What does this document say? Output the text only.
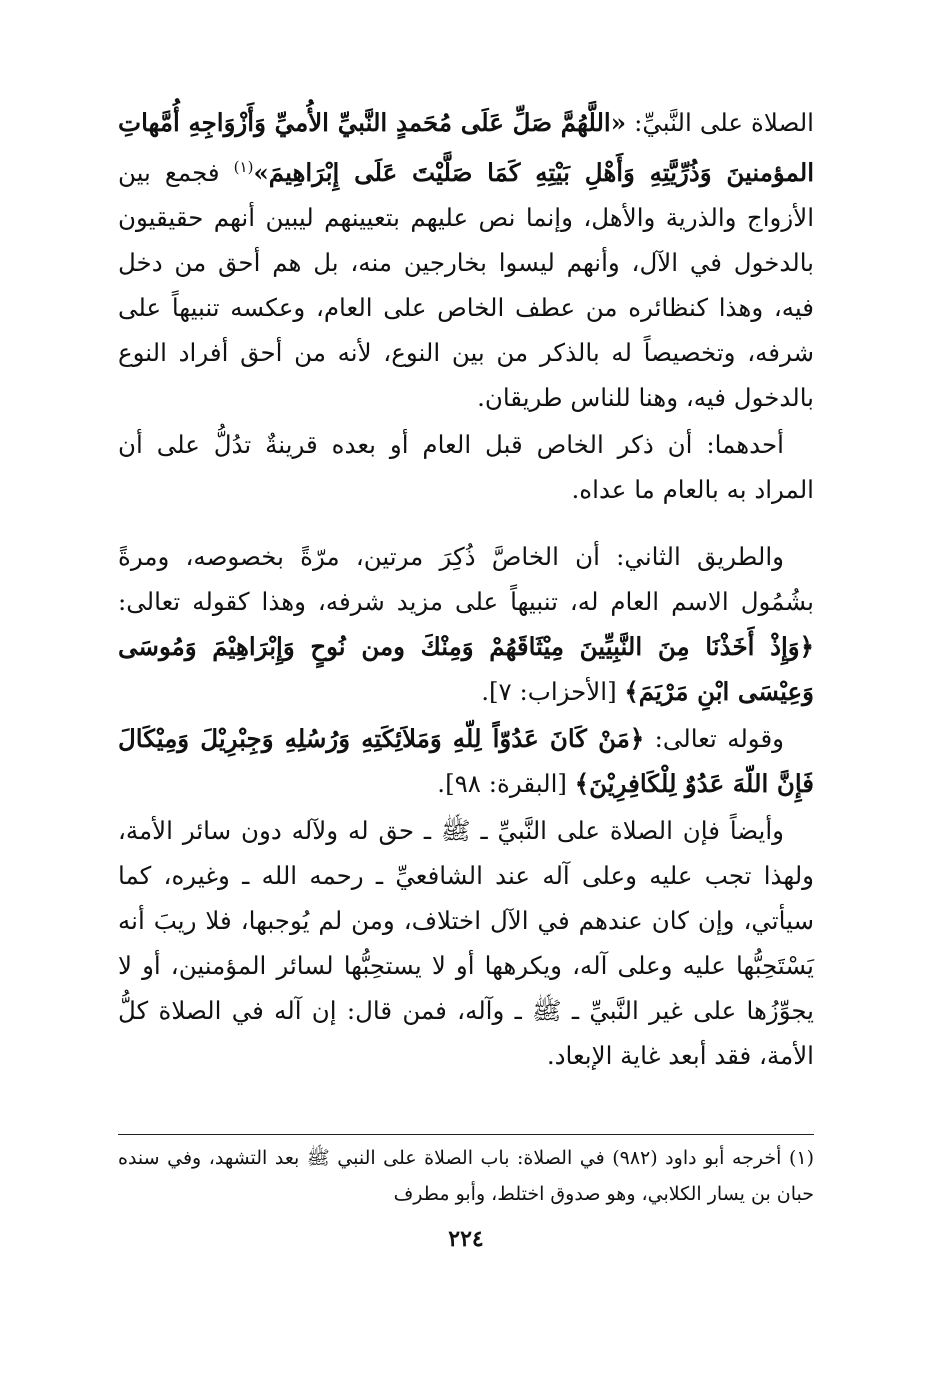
الصلاة على النَّبيِّ: «اللَّهُمَّ صَلِّ عَلَى مُحَمدٍ النَّبيِّ الأُميِّ وَأَزْوَاجِهِ أُمَّهاتِ المؤمنينَ وَذُرِّيَّتِهِ وَأَهْلِ بَيْتِهِ كَمَا صَلَّيْتَ عَلَى إِبْرَاهِيمَ»$^{(١)}$ فجمع بين الأزواج والذرية والأهل، وإنما نص عليهم بتعيينهم ليبين أنهم حقيقيون بالدخول في الآل، وأنهم ليسوا بخارجين منه، بل هم أحق من دخل فيه، وهذا كنظائره من عطف الخاص على العام، وعكسه تنبيهاً على شرفه، وتخصيصاً له بالذكر من بين النوع، لأنه من أحق أفراد النوع بالدخول فيه، وهنا للناس طريقان.

أحدهما: أن ذكر الخاص قبل العام أو بعده قرينةٌ تدُلُّ على أن المراد به بالعام ما عداه.

والطريق الثاني: أن الخاصَّ ذُكِرَ مرتين، مرّةً بخصوصه، ومرةً بشُمُول الاسم العام له، تنبيهاً على مزيد شرفه، وهذا كقوله تعالى: ﴿وَإِذْ أَخَذْنَا مِنَ النَّبِيِّينَ مِيْثَاقَهُمْ وَمِنْكَ ومن نُوحٍ وَإِبْرَاهِيْمَ وَمُوسَى وَعِيْسَى ابْنِ مَرْيَمَ﴾ [الأحزاب: ٧].

وقوله تعالى: ﴿مَنْ كَانَ عَدُوّاً لِلّهِ وَمَلاَئِكَتِهِ وَرُسُلِهِ وَجِبْرِيْلَ وَمِيْكَالَ فَإِنَّ اللّهَ عَدُوٌ لِلْكَافِرِيْنَ﴾ [البقرة: ٩٨].

وأيضاً فإن الصلاة على النَّبيِّ ـ ﷺ ـ حق له ولآله دون سائر الأمة، ولهذا تجب عليه وعلى آله عند الشافعيِّ ـ رحمه الله ـ وغيره، كما سيأتي، وإن كان عندهم في الآل اختلاف، ومن لم يُوجبها، فلا ريبَ أنه يَسْتَحِبُّها عليه وعلى آله، ويكرهها أو لا يستحِبُّها لسائر المؤمنين، أو لا يجوِّزُها على غير النَّبيِّ ـ ﷺ ـ وآله، فمن قال: إن آله في الصلاة كلُّ الأمة، فقد أبعد غاية الإبعاد.

(١) أخرجه أبو داود (٩٨٢) في الصلاة: باب الصلاة على النبي ﷺ بعد التشهد، وفي سنده حبان بن يسار الكلابي، وهو صدوق اختلط، وأبو مطرف

٢٢٤
